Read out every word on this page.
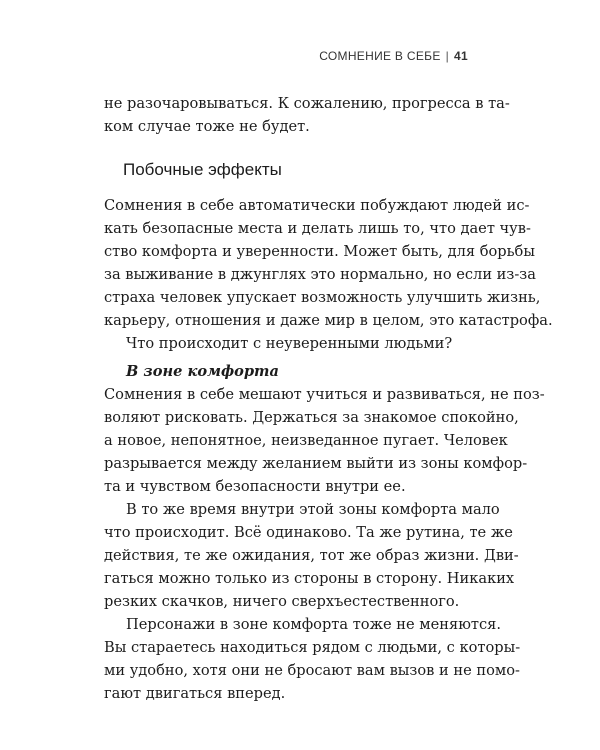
СОМНЕНИЕ В СЕБЕ | 41
не разочаровываться. К сожалению, прогресса в та-
ком случае тоже не будет.
Побочные эффекты
Сомнения в себе автоматически побуждают людей ис-
кать безопасные места и делать лишь то, что дает чув-
ство комфорта и уверенности. Может быть, для борьбы
за выживание в джунглях это нормально, но если из-за
страха человек упускает возможность улучшить жизнь,
карьеру, отношения и даже мир в целом, это катастрофа.
Что происходит с неуверенными людьми?
В зоне комфорта
Сомнения в себе мешают учиться и развиваться, не поз-
воляют рисковать. Держаться за знакомое спокойно,
а новое, непонятное, неизведанное пугает. Человек
разрывается между желанием выйти из зоны комфор-
та и чувством безопасности внутри ее.
В то же время внутри этой зоны комфорта мало
что происходит. Всё одинаково. Та же рутина, те же
действия, те же ожидания, тот же образ жизни. Дви-
гаться можно только из стороны в сторону. Никаких
резких скачков, ничего сверхъестественного.
Персонажи в зоне комфорта тоже не меняются.
Вы стараетесь находиться рядом с людьми, с которы-
ми удобно, хотя они не бросают вам вызов и не помо-
гают двигаться вперед.
